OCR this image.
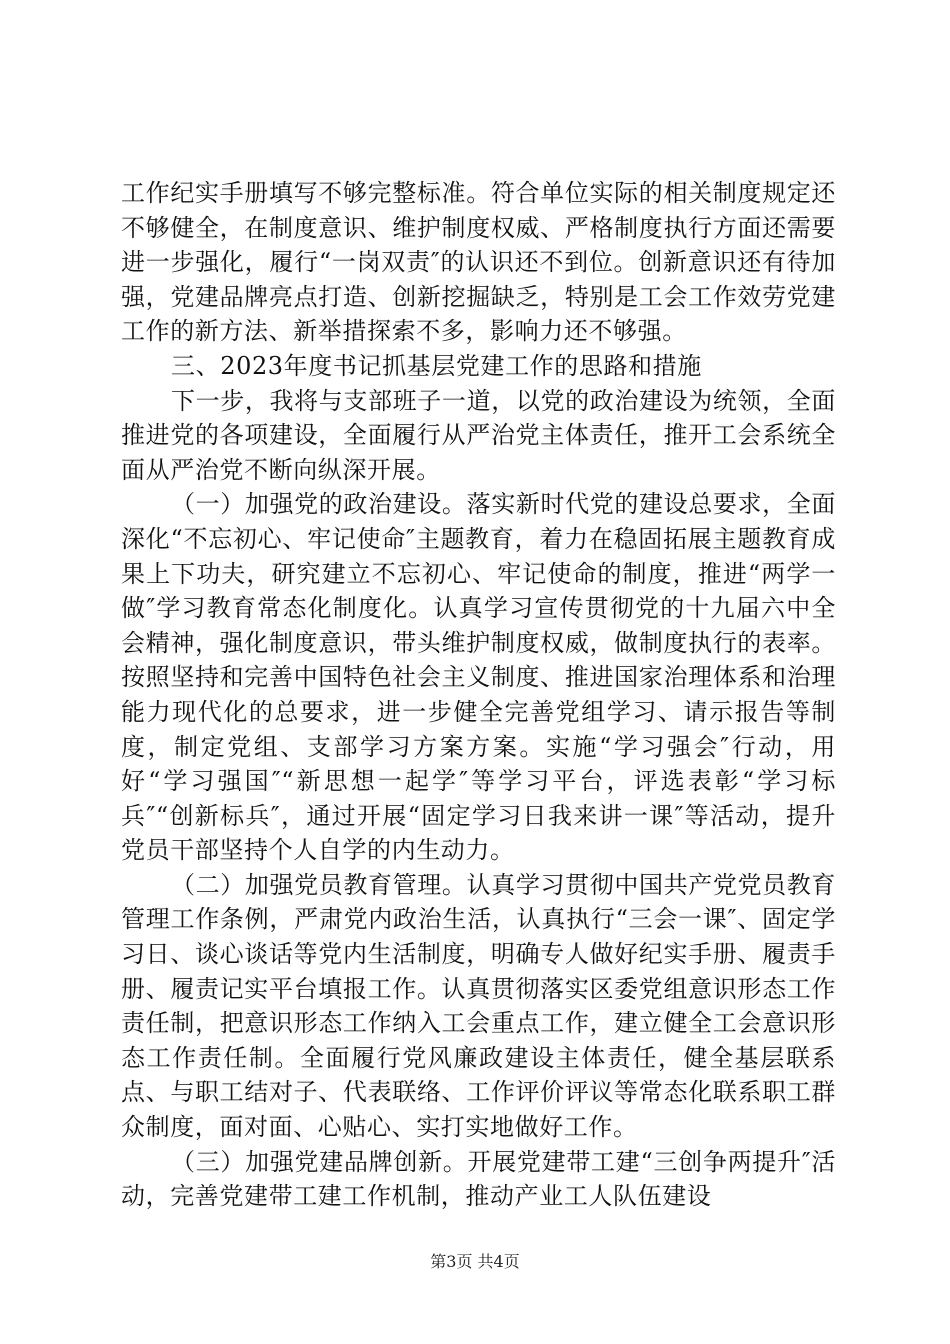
工作纪实手册填写不够完整标准。符合单位实际的相关制度规定还不够健全，在制度意识、维护制度权威、严格制度执行方面还需要进一步强化，履行“一岗双责″的认识还不到位。创新意识还有待加强，党建品牌亮点打造、创新挖掘缺乏，特别是工会工作效劳党建工作的新方法、新举措探索不多，影响力还不够强。

三、2023年度书记抓基层党建工作的思路和措施

下一步，我将与支部班子一道，以党的政治建设为统领，全面推进党的各项建设，全面履行从严治党主体责任，推开工会系统全面从严治党不断向纵深开展。

（一）加强党的政治建设。落实新时代党的建设总要求，全面深化“不忘初心、牢记使命″主题教育，着力在稳固拓展主题教育成果上下功夫，研究建立不忘初心、牢记使命的制度，推进“两学一做″学习教育常态化制度化。认真学习宣传贯彻党的十九届六中全会精神，强化制度意识，带头维护制度权威，做制度执行的表率。按照坚持和完善中国特色社会主义制度、推进国家治理体系和治理能力现代化的总要求，进一步健全完善党组学习、请示报告等制度，制定党组、支部学习方案方案。实施“学习强会″行动，用好“学习强国″“新思想一起学″等学习平台，评选表彰“学习标兵″“创新标兵″，通过开展“固定学习日我来讲一课″等活动，提升党员干部坚持个人自学的内生动力。

（二）加强党员教育管理。认真学习贯彻中国共产党党员教育管理工作条例，严肃党内政治生活，认真执行“三会一课″、固定学习日、谈心谈话等党内生活制度，明确专人做好纪实手册、履责手册、履责记实平台填报工作。认真贯彻落实区委党组意识形态工作责任制，把意识形态工作纳入工会重点工作，建立健全工会意识形态工作责任制。全面履行党风廉政建设主体责任，健全基层联系点、与职工结对子、代表联络、工作评价评议等常态化联系职工群众制度，面对面、心贴心、实打实地做好工作。

（三）加强党建品牌创新。开展党建带工建“三创争两提升″活动，完善党建带工建工作机制，推动产业工人队伍建设

第3页 共4页
